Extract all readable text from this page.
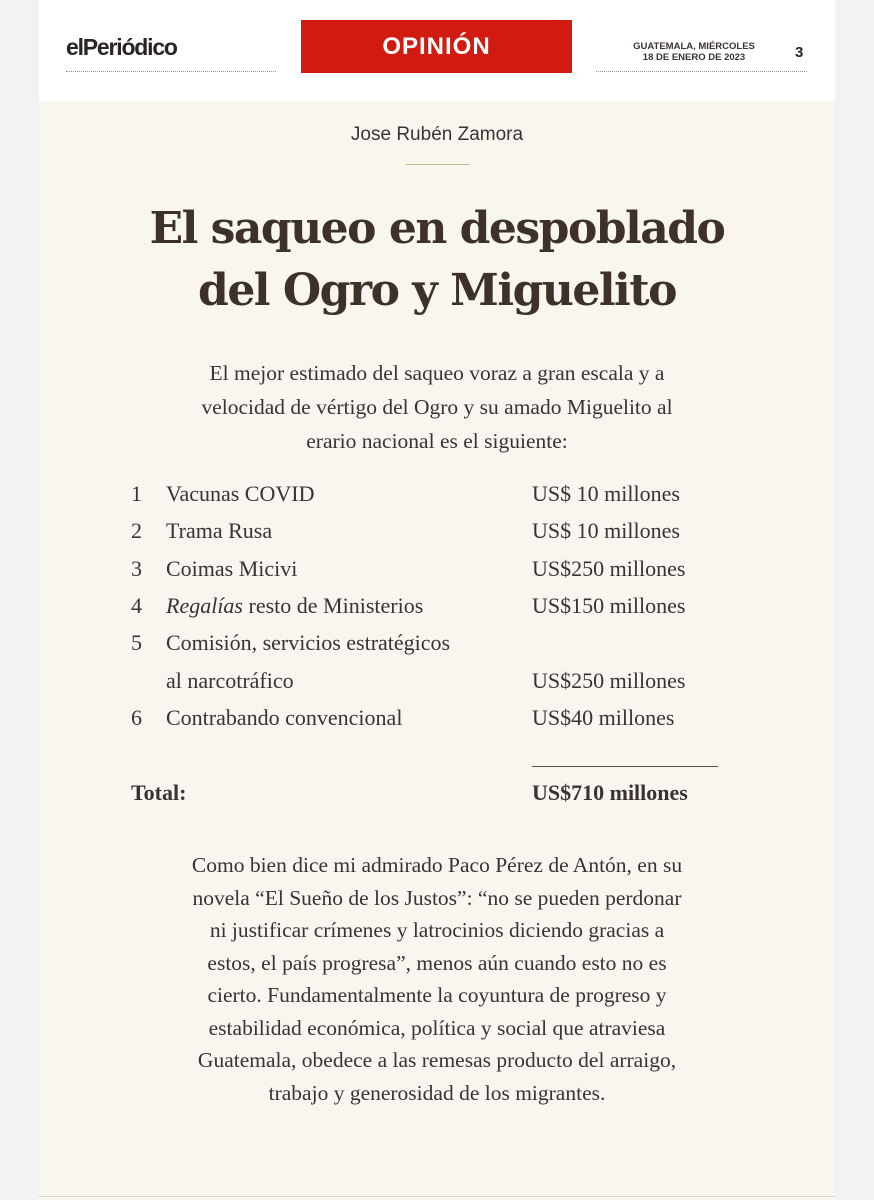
elPeriódico	OPINIÓN	GUATEMALA, MIÉRCOLES
18 DE ENERO DE 2023	3
Jose Rubén Zamora
El saqueo en despoblado
del Ogro y Miguelito
El mejor estimado del saqueo voraz a gran escala y a
velocidad de vértigo del Ogro y su amado Miguelito al
erario nacional es el siguiente:
1	Vacunas COVID	US$ 10 millones
2	Trama Rusa	US$ 10 millones
3	Coimas Micivi	US$250 millones
4	Regalías resto de Ministerios	US$150 millones
5	Comisión, servicios estratégicos
al narcotráfico	US$250 millones
6	Contrabando convencional	US$40 millones
Total:	US$710 millones
Como bien dice mi admirado Paco Pérez de Antón, en su
novela “El Sueño de los Justos”: “no se pueden perdonar
ni justificar crímenes y latrocinios diciendo gracias a
estos, el país progresa”, menos aún cuando esto no es
cierto. Fundamentalmente la coyuntura de progreso y
estabilidad económica, política y social que atraviesa
Guatemala, obedece a las remesas producto del arraigo,
trabajo y generosidad de los migrantes.
